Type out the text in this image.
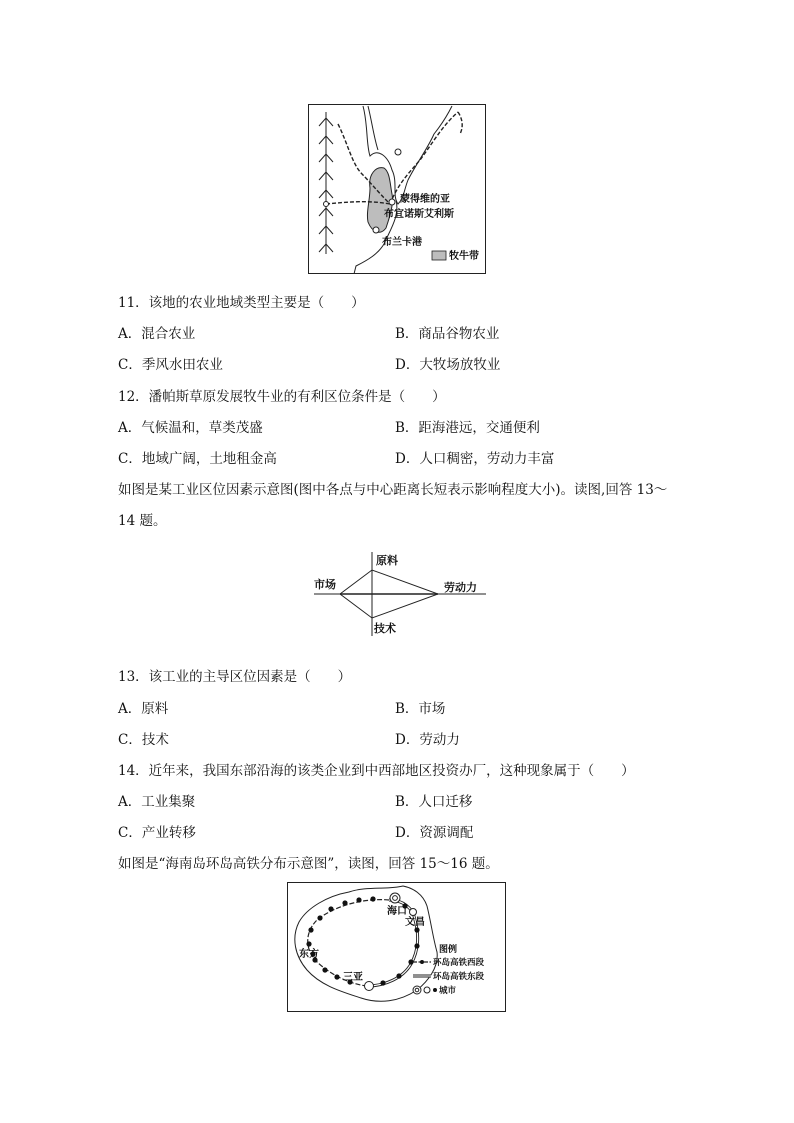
蒙得维的亚
布宜诺斯艾利斯
布兰卡港
牧牛带
11．该地的农业地域类型主要是（　　）
A．混合农业	B．商品谷物农业
C．季风水田农业	D．大牧场放牧业
12．潘帕斯草原发展牧牛业的有利区位条件是（　　）
A．气候温和，草类茂盛	B．距海港远，交通便利
C．地域广阔，土地租金高	D．人口稠密，劳动力丰富
如图是某工业区位因素示意图(图中各点与中心距离长短表示影响程度大小)。读图,回答 13～
14 题。
原料
市场	劳动力
技术
13．该工业的主导区位因素是（　　）
A．原料	B．市场
C．技术	D．劳动力
14．近年来，我国东部沿海的该类企业到中西部地区投资办厂，这种现象属于（　　）
A．工业集聚	B．人口迁移
C．产业转移	D．资源调配
如图是“海南岛环岛高铁分布示意图”，读图，回答 15～16 题。
海口
文昌
东方
三亚
图例
环岛高铁西段
环岛高铁东段
城市
